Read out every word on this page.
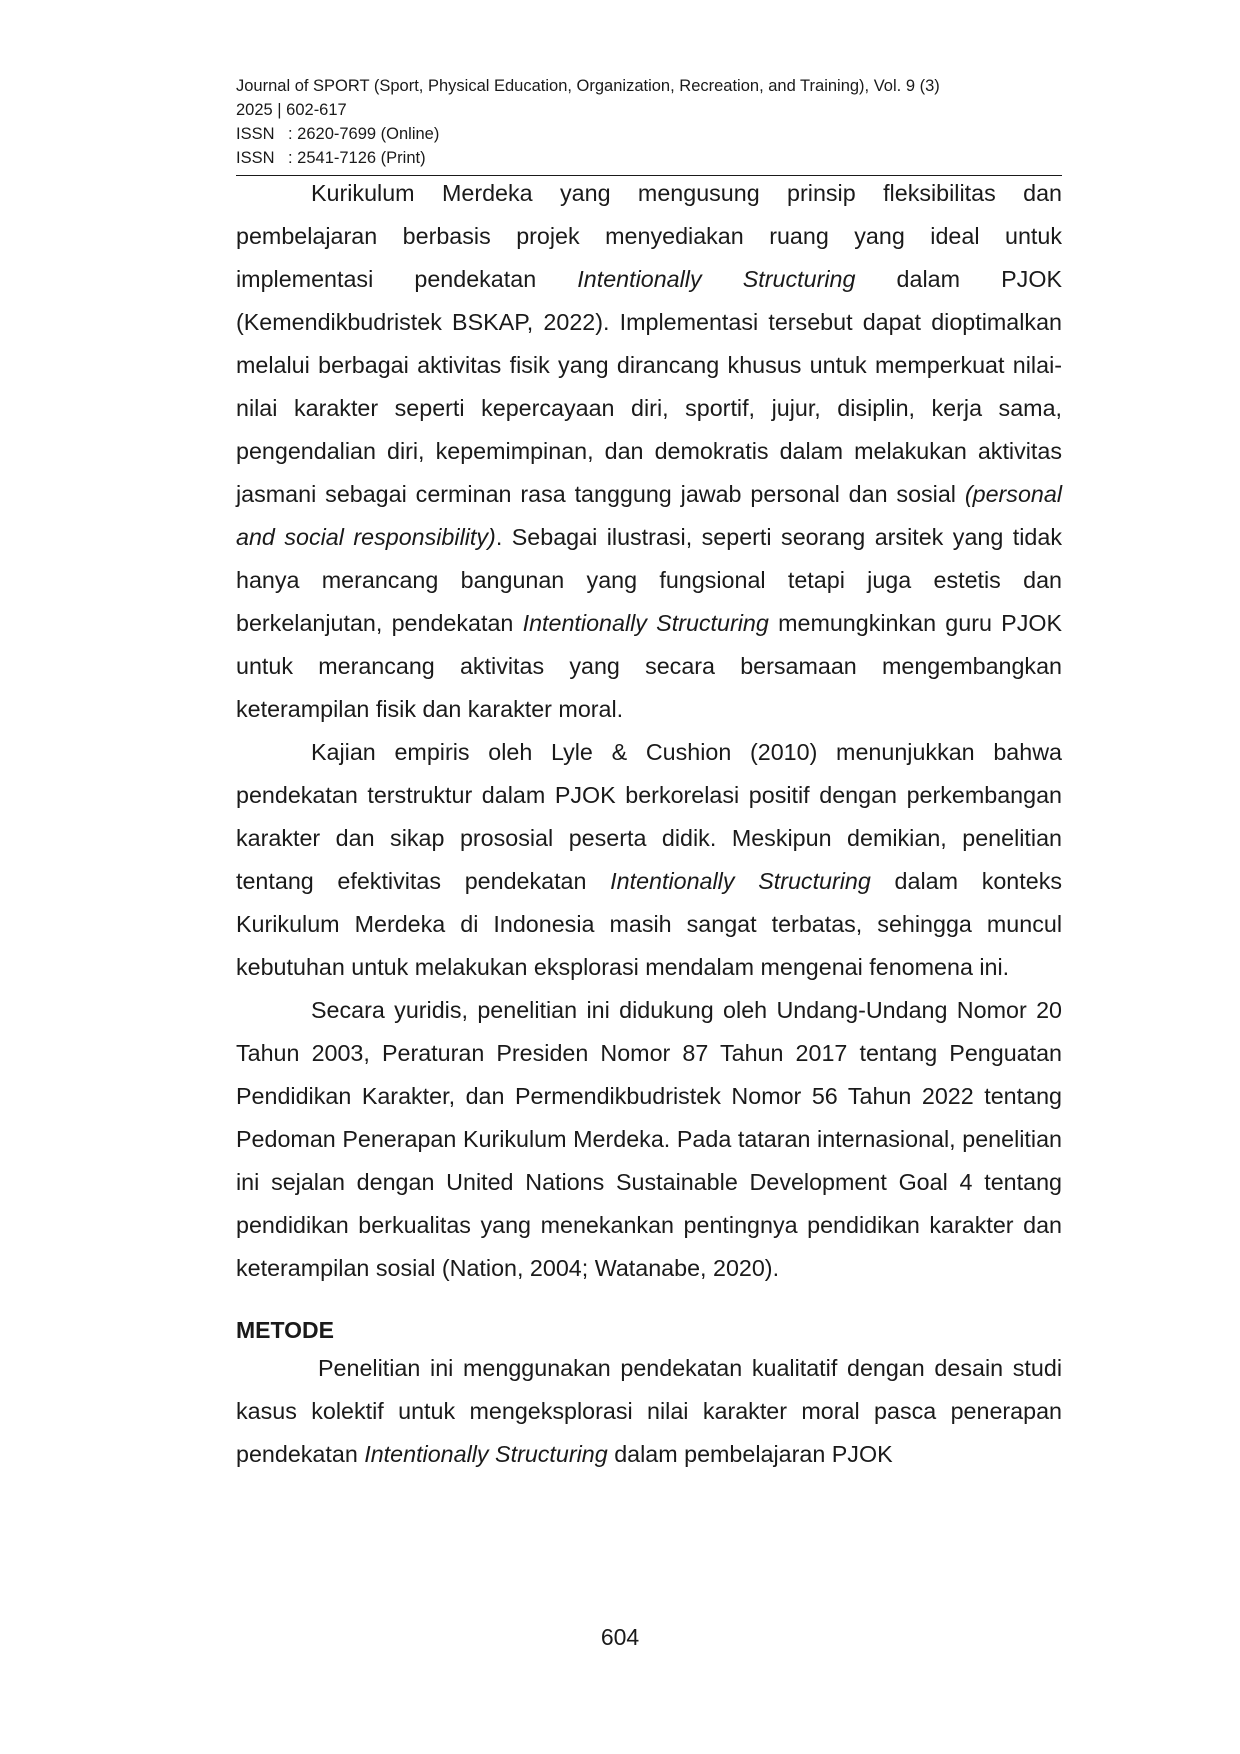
Journal of SPORT (Sport, Physical Education, Organization, Recreation, and Training), Vol. 9 (3)
2025 | 602-617
ISSN : 2620-7699 (Online)
ISSN : 2541-7126 (Print)

Kurikulum Merdeka yang mengusung prinsip fleksibilitas dan pembelajaran berbasis projek menyediakan ruang yang ideal untuk implementasi pendekatan Intentionally Structuring dalam PJOK (Kemendikbudristek BSKAP, 2022). Implementasi tersebut dapat dioptimalkan melalui berbagai aktivitas fisik yang dirancang khusus untuk memperkuat nilai-nilai karakter seperti kepercayaan diri, sportif, jujur, disiplin, kerja sama, pengendalian diri, kepemimpinan, dan demokratis dalam melakukan aktivitas jasmani sebagai cerminan rasa tanggung jawab personal dan sosial (personal and social responsibility). Sebagai ilustrasi, seperti seorang arsitek yang tidak hanya merancang bangunan yang fungsional tetapi juga estetis dan berkelanjutan, pendekatan Intentionally Structuring memungkinkan guru PJOK untuk merancang aktivitas yang secara bersamaan mengembangkan keterampilan fisik dan karakter moral.

Kajian empiris oleh Lyle & Cushion (2010) menunjukkan bahwa pendekatan terstruktur dalam PJOK berkorelasi positif dengan perkembangan karakter dan sikap prososial peserta didik. Meskipun demikian, penelitian tentang efektivitas pendekatan Intentionally Structuring dalam konteks Kurikulum Merdeka di Indonesia masih sangat terbatas, sehingga muncul kebutuhan untuk melakukan eksplorasi mendalam mengenai fenomena ini.

Secara yuridis, penelitian ini didukung oleh Undang-Undang Nomor 20 Tahun 2003, Peraturan Presiden Nomor 87 Tahun 2017 tentang Penguatan Pendidikan Karakter, dan Permendikbudristek Nomor 56 Tahun 2022 tentang Pedoman Penerapan Kurikulum Merdeka. Pada tataran internasional, penelitian ini sejalan dengan United Nations Sustainable Development Goal 4 tentang pendidikan berkualitas yang menekankan pentingnya pendidikan karakter dan keterampilan sosial (Nation, 2004; Watanabe, 2020).

METODE

Penelitian ini menggunakan pendekatan kualitatif dengan desain studi kasus kolektif untuk mengeksplorasi nilai karakter moral pasca penerapan pendekatan Intentionally Structuring dalam pembelajaran PJOK

604
